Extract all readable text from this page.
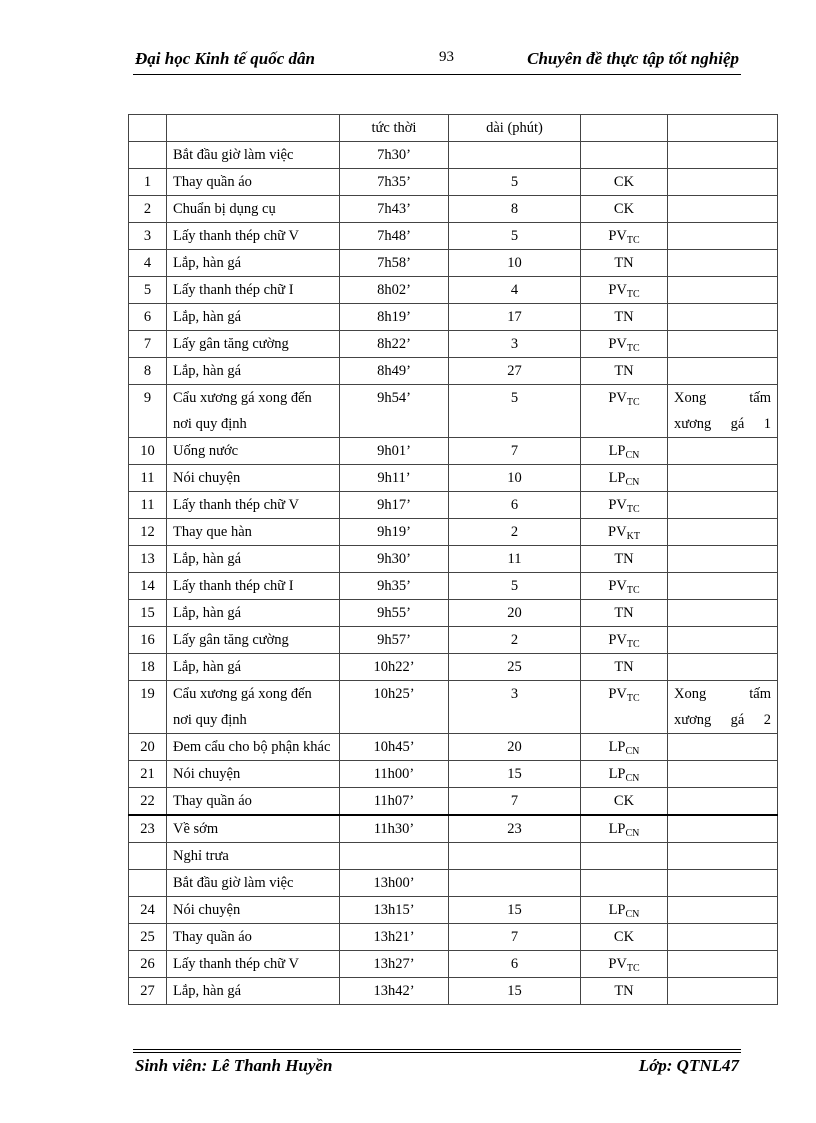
Đại học Kinh tế quốc dân	93	Chuyên đề thực tập tốt nghiệp
		tức thời	dài (phút)		
	Bắt đầu giờ làm việc	7h30’			
1	Thay quần áo	7h35’	5	CK	
2	Chuẩn bị dụng cụ	7h43’	8	CK	
3	Lấy thanh thép chữ V	7h48’	5	$PV_{TC}$	
4	Lắp, hàn gá	7h58’	10	TN	
5	Lấy thanh thép chữ I	8h02’	4	$PV_{TC}$	
6	Lắp, hàn gá	8h19’	17	TN	
7	Lấy gân tăng cường	8h22’	3	$PV_{TC}$	
8	Lắp, hàn gá	8h49’	27	TN	
9	Cẩu xương gá xong đến nơi quy định	9h54’	5	$PV_{TC}$	Xong tấm xương gá 1
10	Uống nước	9h01’	7	$LP_{CN}$	
11	Nói chuyện	9h11’	10	$LP_{CN}$	
11	Lấy thanh thép chữ V	9h17’	6	$PV_{TC}$	
12	Thay que hàn	9h19’	2	$PV_{KT}$	
13	Lắp, hàn gá	9h30’	11	TN	
14	Lấy thanh thép chữ I	9h35’	5	$PV_{TC}$	
15	Lắp, hàn gá	9h55’	20	TN	
16	Lấy gân tăng cường	9h57’	2	$PV_{TC}$	
18	Lắp, hàn gá	10h22’	25	TN	
19	Cẩu xương gá xong đến nơi quy định	10h25’	3	$PV_{TC}$	Xong tấm xương gá 2
20	Đem cẩu cho bộ phận khác	10h45’	20	$LP_{CN}$	
21	Nói chuyện	11h00’	15	$LP_{CN}$	
22	Thay quần áo	11h07’	7	CK	
23	Về sớm	11h30’	23	$LP_{CN}$	
	Nghỉ trưa				
	Bắt đầu giờ làm việc	13h00’			
24	Nói chuyện	13h15’	15	$LP_{CN}$	
25	Thay quần áo	13h21’	7	CK	
26	Lấy thanh thép chữ V	13h27’	6	$PV_{TC}$	
27	Lắp, hàn gá	13h42’	15	TN	
Sinh viên: Lê Thanh Huyền	Lớp: QTNL47
